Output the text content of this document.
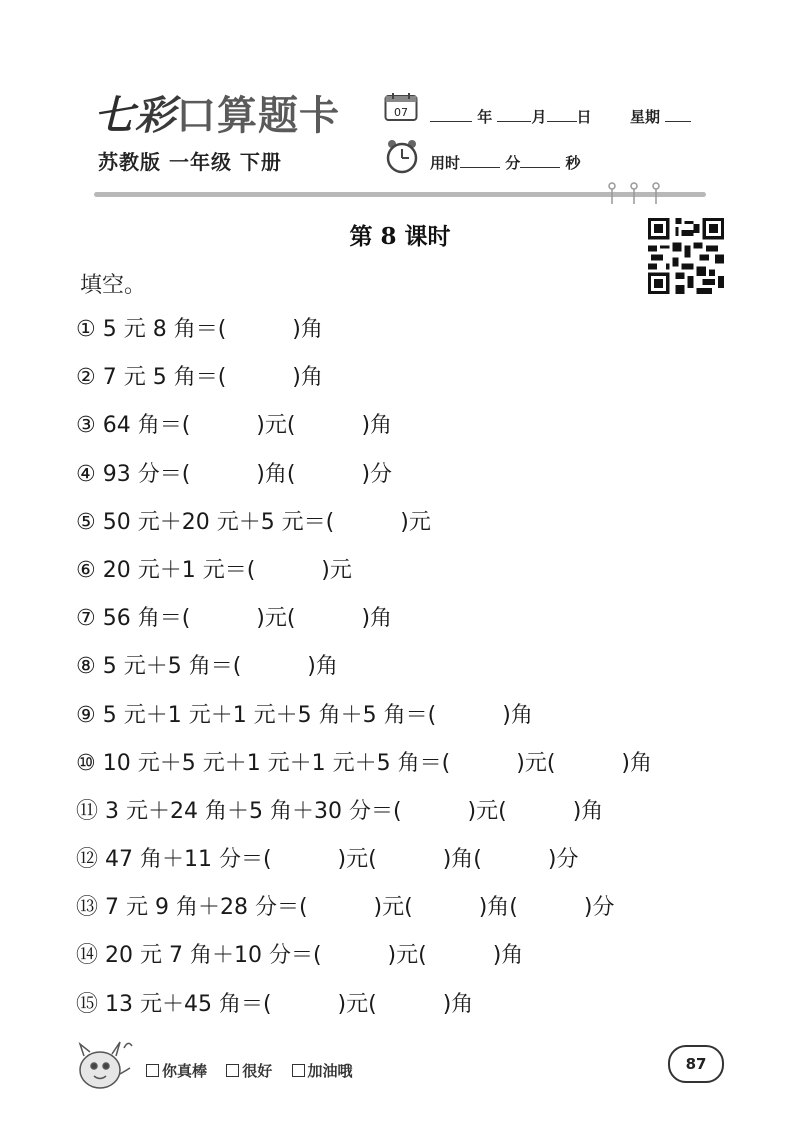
七彩口算题卡
苏教版 一年级 下册
07	年	月 日	星期
用时	分	秒
第 8 课时
填空。
① 5 元 8 角＝(　　　)角
② 7 元 5 角＝(　　　)角
③ 64 角＝(　　　)元(　　　)角
④ 93 分＝(　　　)角(　　　)分
⑤ 50 元＋20 元＋5 元＝(　　　)元
⑥ 20 元＋1 元＝(　　　)元
⑦ 56 角＝(　　　)元(　　　)角
⑧ 5 元＋5 角＝(　　　)角
⑨ 5 元＋1 元＋1 元＋5 角＋5 角＝(　　　)角
⑩ 10 元＋5 元＋1 元＋1 元＋5 角＝(　　　)元(　　　)角
⑪ 3 元＋24 角＋5 角＋30 分＝(　　　)元(　　　)角
⑫ 47 角＋11 分＝(　　　)元(　　　)角(　　　)分
⑬ 7 元 9 角＋28 分＝(　　　)元(　　　)角(　　　)分
⑭ 20 元 7 角＋10 分＝(　　　)元(　　　)角
⑮ 13 元＋45 角＝(　　　)元(　　　)角
你真棒 很好 加油哦	87
